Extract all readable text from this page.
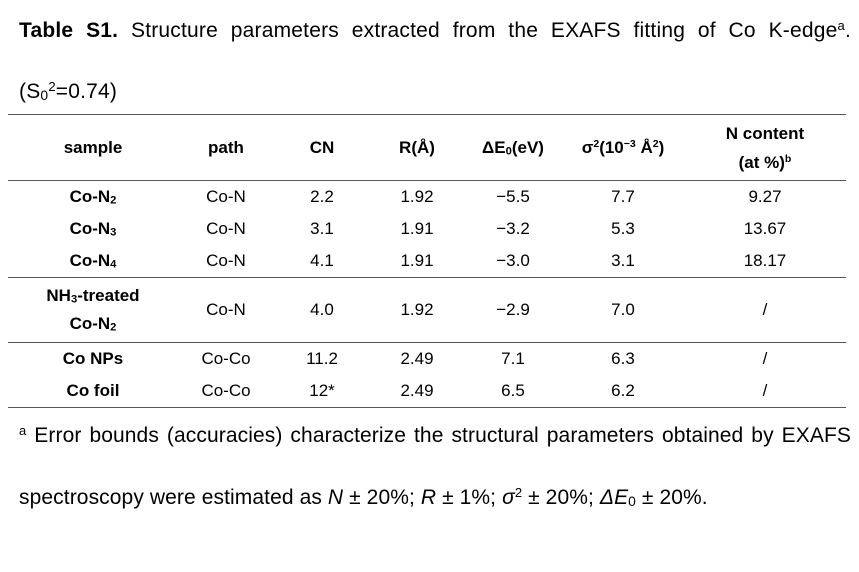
Table S1. Structure parameters extracted from the EXAFS fitting of Co K-edge$^a$. $(S_0^2=0.74)$
sample	path	CN	R(Å)	$\Delta E_0(eV)$	$\sigma^2(10^{-3}$ $Å^2$)	N content
(at %)$^b$
$Co-N_2$	Co-N	2.2	1.92	−5.5	7.7	9.27
$Co-N_3$	Co-N	3.1	1.91	−3.2	5.3	13.67
$Co-N_4$	Co-N	4.1	1.91	−3.0	3.1	18.17
$NH_3$-treated
$Co-N_2$	Co-N	4.0	1.92	−2.9	7.0	/
Co NPs	Co-Co	11.2	2.49	7.1	6.3	/
Co foil	Co-Co	12*	2.49	6.5	6.2	/
$^a$ Error bounds (accuracies) characterize the structural parameters obtained by EXAFS spectroscopy were estimated as N ± 20%; R ± 1%; $\sigma^2 \pm 20\%$; $\Delta E_0 \pm 20\%$.
